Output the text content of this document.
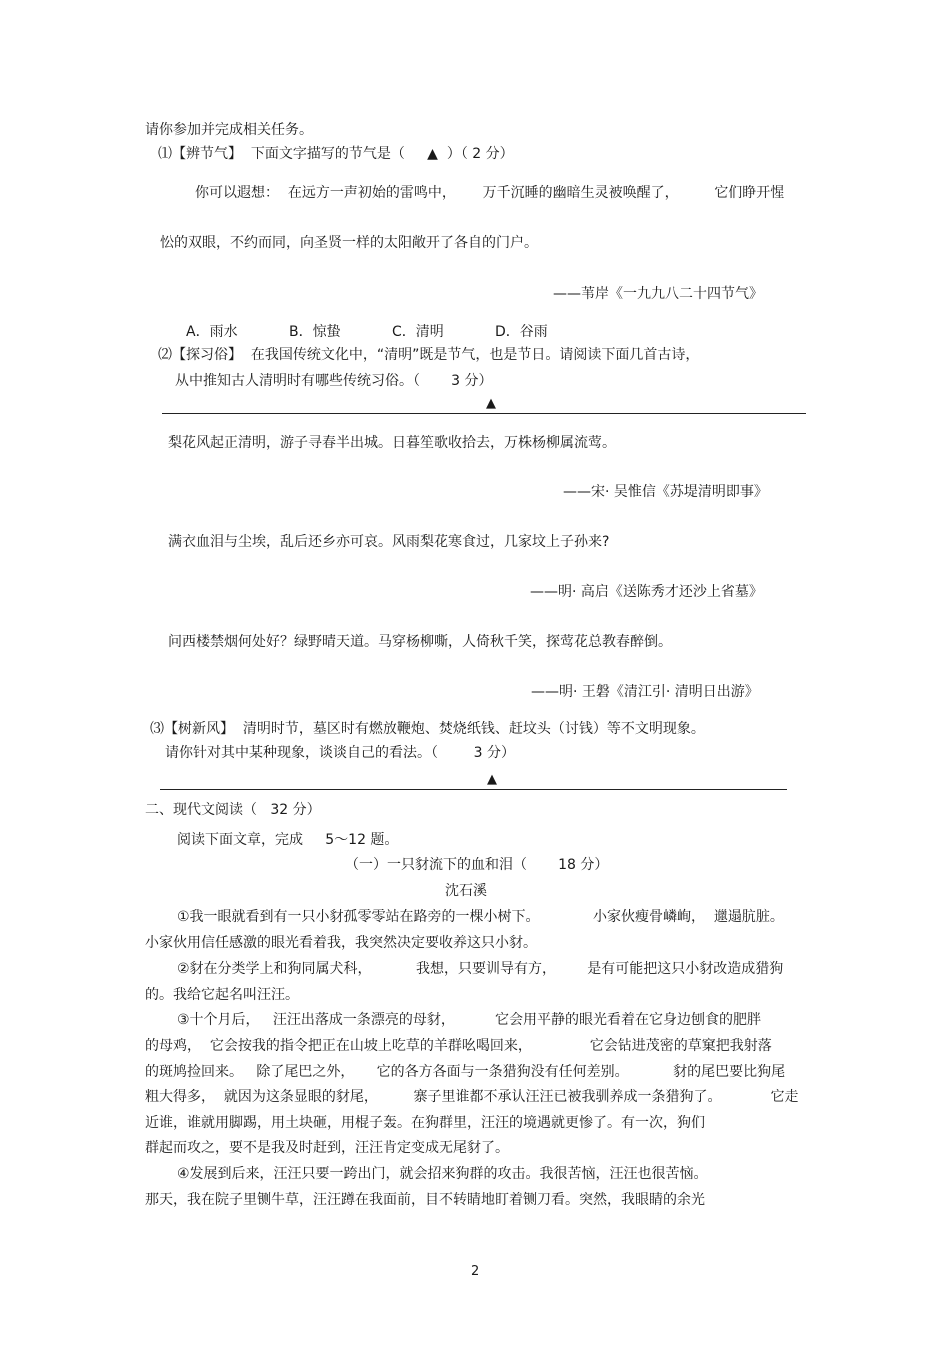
请你参加并完成相关任务。
⑴【辨节气】  下面文字描写的节气是（     ▲  ）（ 2 分）
你可以遐想：  在远方一声初始的雷鸣中，      万千沉睡的幽暗生灵被唤醒了，        它们睁开惺
忪的双眼，不约而同，向圣贤一样的太阳敞开了各自的门户。
——苇岸《一九九八二十四节气》
A．雨水	B．惊蛰	C．清明	D．谷雨
⑵【探习俗】  在我国传统文化中，“清明”既是节气，也是节日。请阅读下面几首古诗，
从中推知古人清明时有哪些传统习俗。（       3 分）
▲
梨花风起正清明，游子寻春半出城。日暮笙歌收拾去，万株杨柳属流莺。
——宋· 吴惟信《苏堤清明即事》
满衣血泪与尘埃，乱后还乡亦可哀。风雨梨花寒食过，几家坟上子孙来?
——明· 高启《送陈秀才还沙上省墓》
问西楼禁烟何处好？绿野晴天道。马穿杨柳嘶，人倚秋千笑，探莺花总教春醉倒。
——明· 王磐《清江引· 清明日出游》
⑶【树新风】  清明时节，墓区时有燃放鞭炮、焚烧纸钱、赶坟头（讨钱）等不文明现象。
请你针对其中某种现象，谈谈自己的看法。（        3 分）
▲
二、现代文阅读（   32 分）
阅读下面文章，完成     5～12 题。
（一）一只豺流下的血和泪（       18 分）
沈石溪
①我一眼就看到有一只小豺孤零零站在路旁的一棵小树下。            小家伙瘦骨嶙峋，  邋遢肮脏。
小家伙用信任感激的眼光看着我，我突然决定要收养这只小豺。
②豺在分类学上和狗同属犬科，          我想，只要训导有方，       是有可能把这只小豺改造成猎狗
的。我给它起名叫汪汪。
③十个月后，   汪汪出落成一条漂亮的母豺，         它会用平静的眼光看着在它身边刨食的肥胖
的母鸡，  它会按我的指令把正在山坡上吃草的羊群吆喝回来，             它会钻进茂密的草窠把我射落
的斑鸠捡回来。   除了尾巴之外，     它的各方各面与一条猎狗没有任何差别。          豺的尾巴要比狗尾
粗大得多，  就因为这条显眼的豺尾，        寨子里谁都不承认汪汪已被我驯养成一条猎狗了。           它走
近谁，谁就用脚踢，用土块砸，用棍子轰。在狗群里，汪汪的境遇就更惨了。有一次，狗们
群起而攻之，要不是我及时赶到，汪汪肯定变成无尾豺了。
④发展到后来，汪汪只要一跨出门，就会招来狗群的攻击。我很苦恼，汪汪也很苦恼。
那天，我在院子里铡牛草，汪汪蹲在我面前，目不转睛地盯着铡刀看。突然，我眼睛的余光
2
